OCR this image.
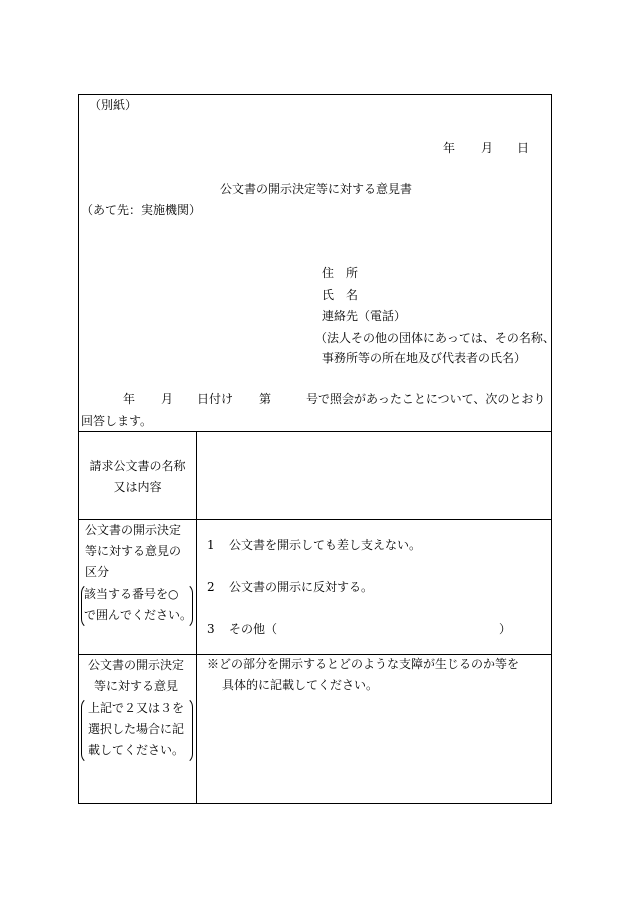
（別紙）
年 月 日
公文書の開示決定等に対する意見書
（あて先：実施機関）
住　所
氏　名
連絡先（電話）
（法人その他の団体にあっては、その名称、
事務所等の所在地及び代表者の氏名）
年 月 日付け 第	号で照会があったことについて、次のとおり
回答します。
請求公文書の名称
又は内容
公文書の開示決定
等に対する意見の
区分
該当する番号を○
で囲んでください。
1 公文書を開示しても差し支えない。
2 公文書の開示に反対する。
3 その他（	）
公文書の開示決定
等に対する意見
上記で２又は３を
選択した場合に記
載してください。
※どの部分を開示するとどのような支障が生じるのか等を
具体的に記載してください。
